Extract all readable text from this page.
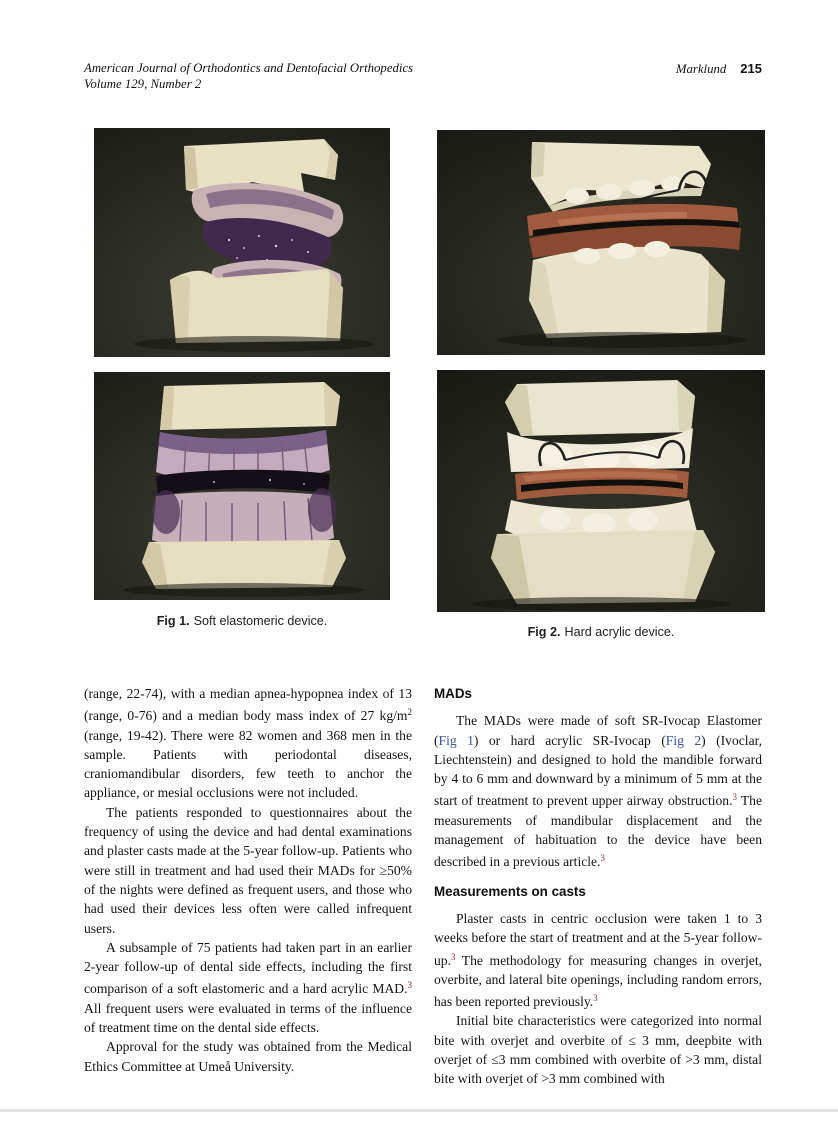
American Journal of Orthodontics and Dentofacial Orthopedics
Volume 129, Number 2
Marklund 215
Fig 1. Soft elastomeric device.
Fig 2. Hard acrylic device.

(range, 22-74), with a median apnea-hypopnea index of 13 (range, 0-76) and a median body mass index of 27 $kg/m^2$ (range, 19-42). There were 82 women and 368 men in the sample. Patients with periodontal diseases, craniomandibular disorders, few teeth to anchor the appliance, or mesial occlusions were not included.

The patients responded to questionnaires about the frequency of using the device and had dental examinations and plaster casts made at the 5-year follow-up. Patients who were still in treatment and had used their MADs for ≥50% of the nights were defined as frequent users, and those who had used their devices less often were called infrequent users.

A subsample of 75 patients had taken part in an earlier 2-year follow-up of dental side effects, including the first comparison of a soft elastomeric and a hard acrylic MAD.$^3$ All frequent users were evaluated in terms of the influence of treatment time on the dental side effects.

Approval for the study was obtained from the Medical Ethics Committee at Umeå University.

MADs

The MADs were made of soft SR-Ivocap Elastomer (Fig 1) or hard acrylic SR-Ivocap (Fig 2) (Ivoclar, Liechtenstein) and designed to hold the mandible forward by 4 to 6 mm and downward by a minimum of 5 mm at the start of treatment to prevent upper airway obstruction.$^3$ The measurements of mandibular displacement and the management of habituation to the device have been described in a previous article.$^3$

Measurements on casts

Plaster casts in centric occlusion were taken 1 to 3 weeks before the start of treatment and at the 5-year follow-up.$^3$ The methodology for measuring changes in overjet, overbite, and lateral bite openings, including random errors, has been reported previously.$^3$

Initial bite characteristics were categorized into normal bite with overjet and overbite of ≤ 3 mm, deepbite with overjet of ≤3 mm combined with overbite of >3 mm, distal bite with overjet of >3 mm combined with
